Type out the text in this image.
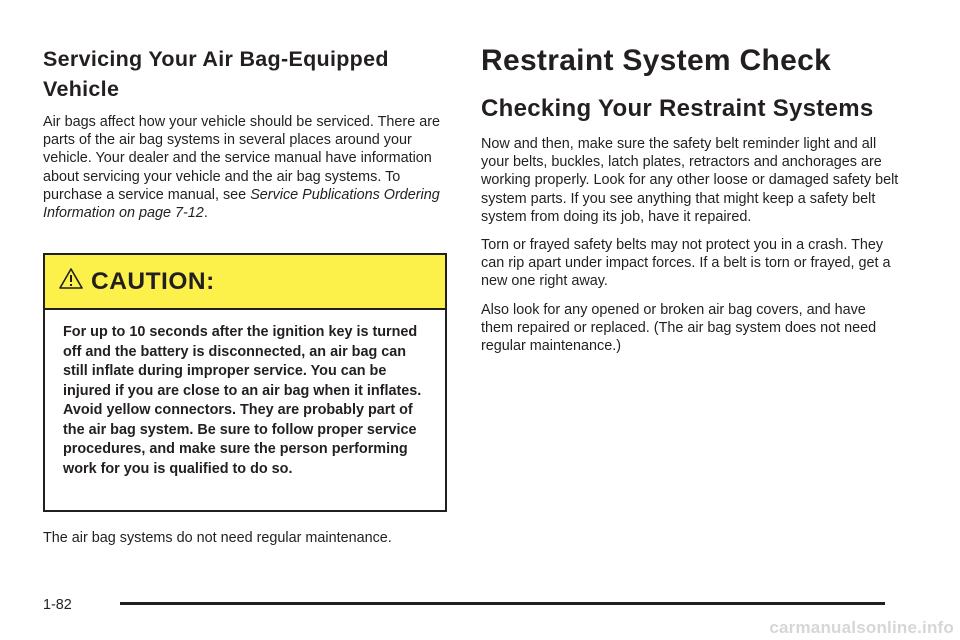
Servicing Your Air Bag-Equipped Vehicle

Air bags affect how your vehicle should be serviced. There are parts of the air bag systems in several places around your vehicle. Your dealer and the service manual have information about servicing your vehicle and the air bag systems. To purchase a service manual, see Service Publications Ordering Information on page 7-12.

CAUTION:
For up to 10 seconds after the ignition key is turned off and the battery is disconnected, an air bag can still inflate during improper service. You can be injured if you are close to an air bag when it inflates. Avoid yellow connectors. They are probably part of the air bag system. Be sure to follow proper service procedures, and make sure the person performing work for you is qualified to do so.

The air bag systems do not need regular maintenance.

Restraint System Check
Checking Your Restraint Systems

Now and then, make sure the safety belt reminder light and all your belts, buckles, latch plates, retractors and anchorages are working properly. Look for any other loose or damaged safety belt system parts. If you see anything that might keep a safety belt system from doing its job, have it repaired.

Torn or frayed safety belts may not protect you in a crash. They can rip apart under impact forces. If a belt is torn or frayed, get a new one right away.

Also look for any opened or broken air bag covers, and have them repaired or replaced. (The air bag system does not need regular maintenance.)

1-82
carmanualsonline.info
